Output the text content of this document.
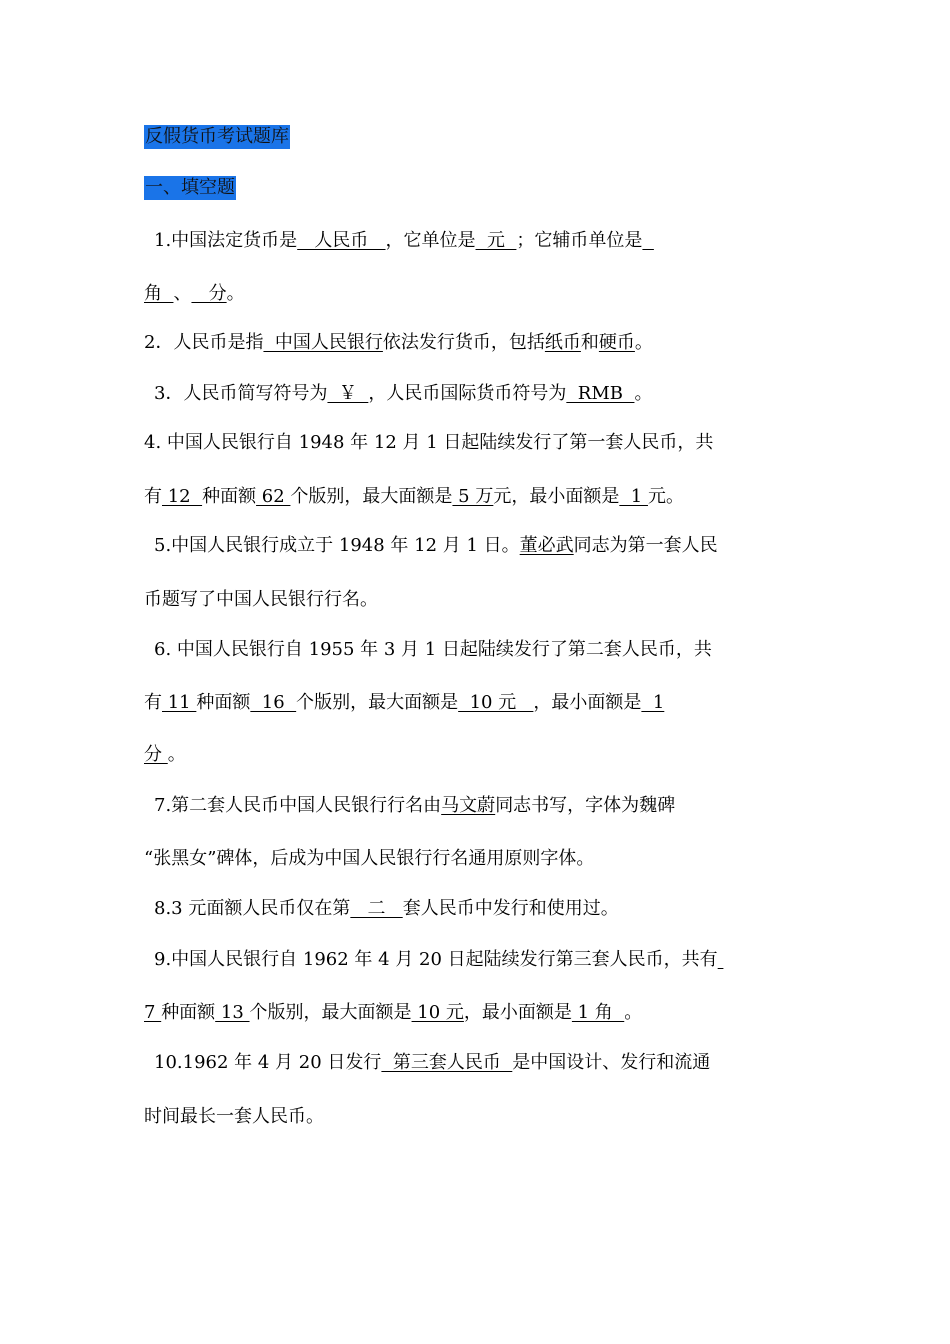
反假货币考试题库
一、填空题
1.中国法定货币是   人民币   ，它单位是  元  ；它辅币单位是
角  、   分。
2．人民币是指  中国人民银行依法发行货币，包括纸币和硬币。
3．人民币简写符号为  ￥  ，人民币国际货币符号为  RMB  。
4. 中国人民银行自 1948 年 12 月 1 日起陆续发行了第一套人民币，共
有 12  种面额 62 个版别，最大面额是 5 万元，最小面额是  1 元。
5.中国人民银行成立于 1948 年 12 月 1 日。董必武同志为第一套人民
币题写了中国人民银行行名。
6. 中国人民银行自 1955 年 3 月 1 日起陆续发行了第二套人民币，共
有 11 种面额  16  个版别，最大面额是  10 元   ，最小面额是  1
分 。
7.第二套人民币中国人民银行行名由马文蔚同志书写，字体为魏碑
“张黑女”碑体，后成为中国人民银行行名通用原则字体。
8.3 元面额人民币仅在第   二   套人民币中发行和使用过。
9.中国人民银行自 1962 年 4 月 20 日起陆续发行第三套人民币，共有
7 种面额 13 个版别，最大面额是 10 元，最小面额是 1 角  。
10.1962 年 4 月 20 日发行  第三套人民币  是中国设计、发行和流通
时间最长一套人民币。
